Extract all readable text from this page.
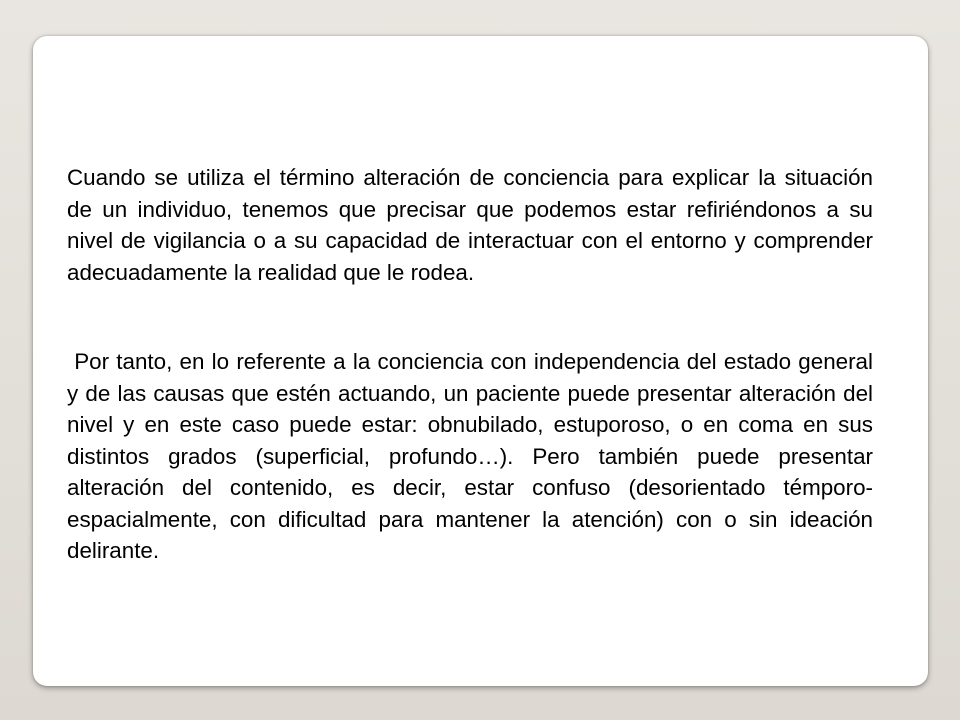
Cuando se utiliza el término alteración de conciencia para explicar la situación de un individuo, tenemos que precisar que podemos estar refiriéndonos a su nivel de vigilancia o a su capacidad de interactuar con el entorno y comprender adecuadamente la realidad que le rodea.

Por tanto, en lo referente a la conciencia con independencia del estado general y de las causas que estén actuando, un paciente puede presentar alteración del nivel y en este caso puede estar: obnubilado, estuporoso, o en coma en sus distintos grados (superficial, profundo…). Pero también puede presentar alteración del contenido, es decir, estar confuso (desorientado témporo-espacialmente, con dificultad para mantener la atención) con o sin ideación delirante.
